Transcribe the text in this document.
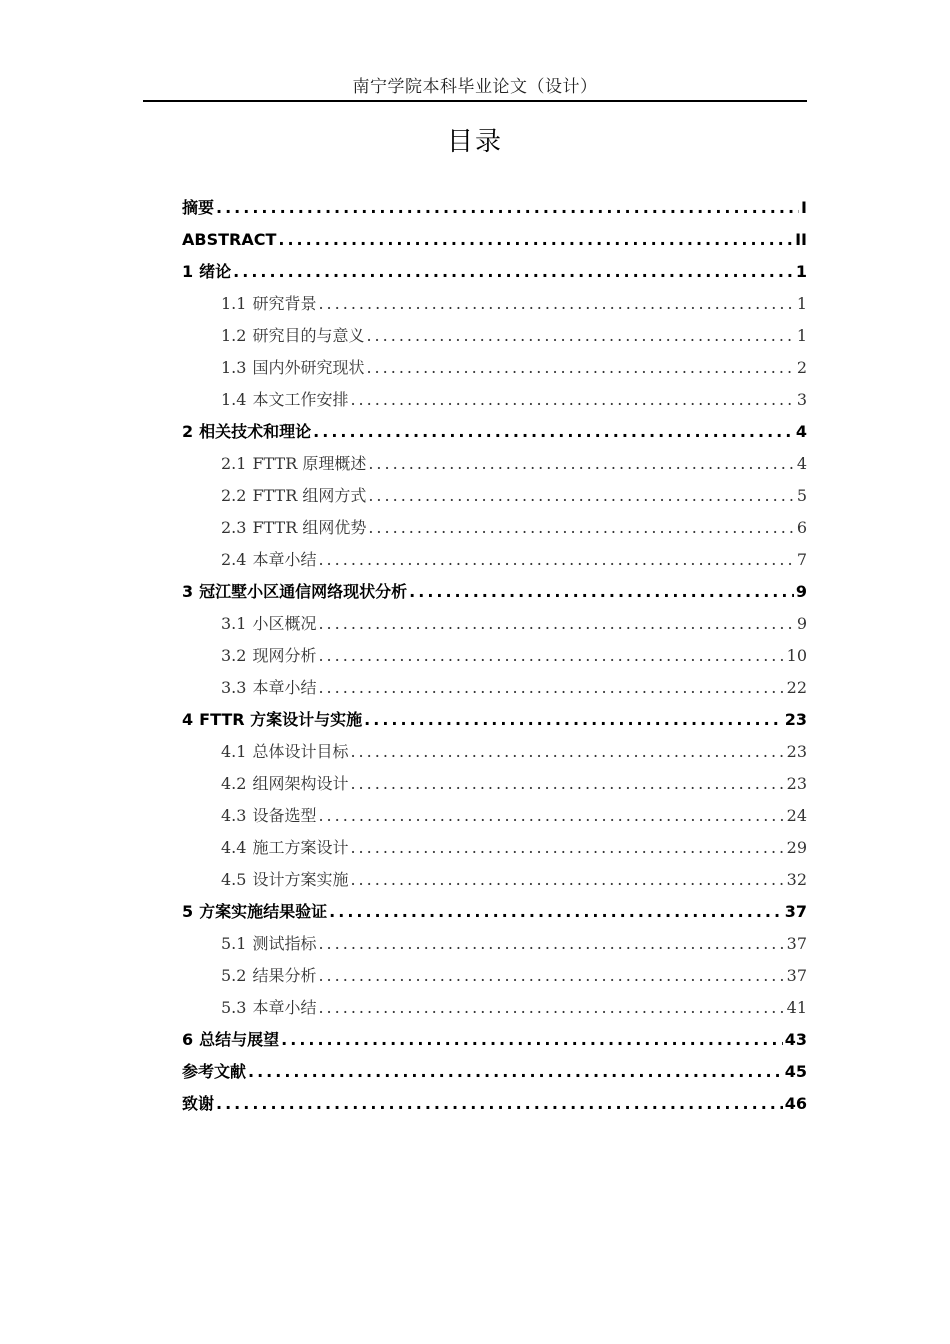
南宁学院本科毕业论文（设计）
目录
摘要 .....	I
ABSTRACT .....	II
1 绪论 .....	1
1.1 研究背景 .....	1
1.2 研究目的与意义 .....	1
1.3 国内外研究现状 .....	2
1.4 本文工作安排 .....	3
2 相关技术和理论 .....	4
2.1 FTTR 原理概述 .....	4
2.2 FTTR 组网方式 .....	5
2.3 FTTR 组网优势 .....	6
2.4 本章小结 .....	7
3 冠江墅小区通信网络现状分析 .....	9
3.1 小区概况 .....	9
3.2 现网分析 .....	10
3.3 本章小结 .....	22
4 FTTR 方案设计与实施 .....	23
4.1 总体设计目标 .....	23
4.2 组网架构设计 .....	23
4.3 设备选型 .....	24
4.4 施工方案设计 .....	29
4.5 设计方案实施 .....	32
5 方案实施结果验证 .....	37
5.1 测试指标 .....	37
5.2 结果分析 .....	37
5.3 本章小结 .....	41
6 总结与展望 .....	43
参考文献 .....	45
致谢 .....	46
